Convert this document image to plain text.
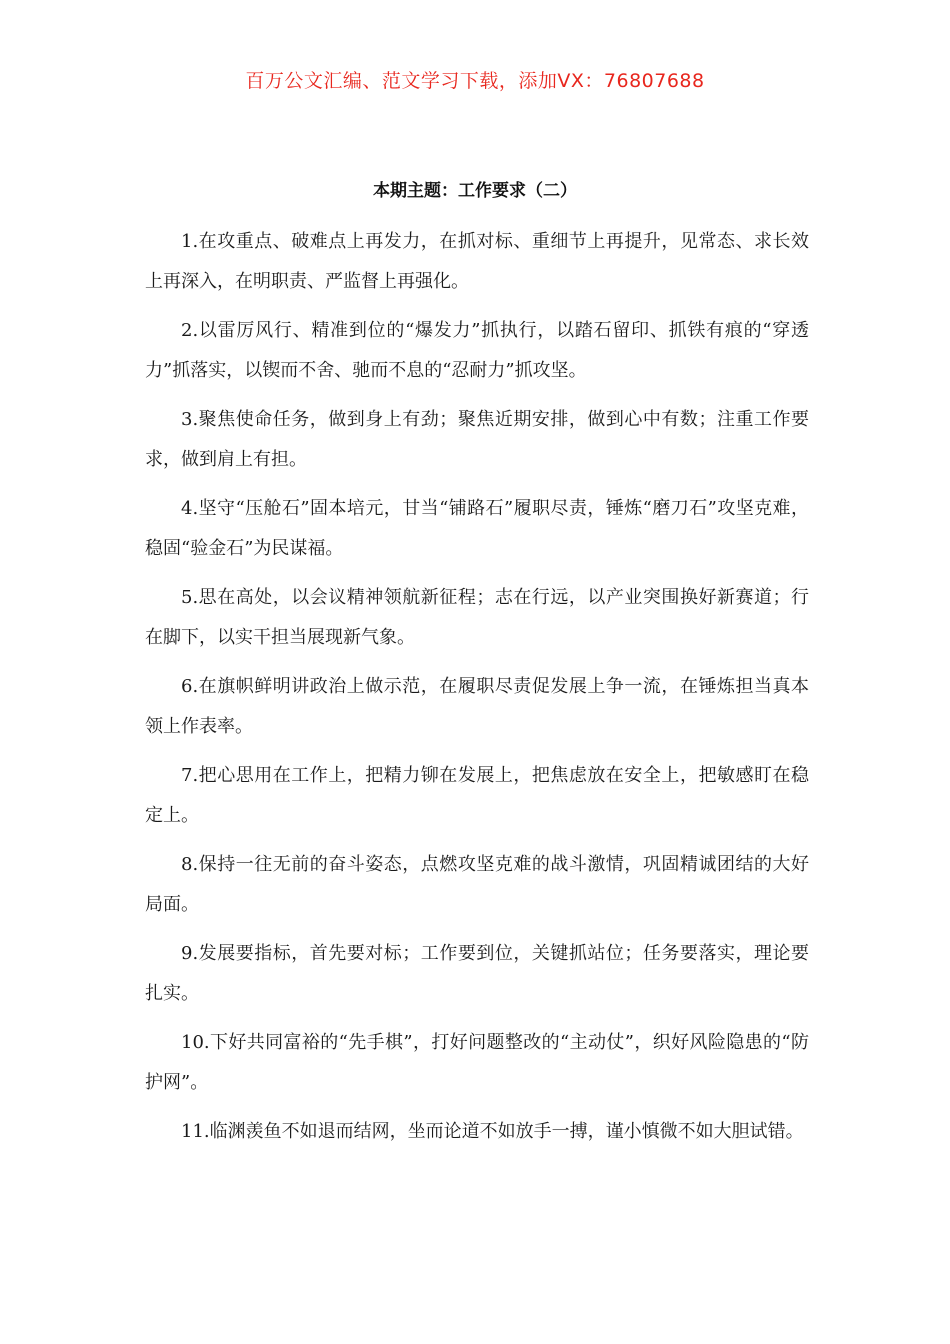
百万公文汇编、范文学习下载，添加VX：76807688
本期主题：工作要求（二）

1.在攻重点、破难点上再发力，在抓对标、重细节上再提升，见常态、求长效上再深入，在明职责、严监督上再强化。

2.以雷厉风行、精准到位的“爆发力”抓执行，以踏石留印、抓铁有痕的“穿透力”抓落实，以锲而不舍、驰而不息的“忍耐力”抓攻坚。

3.聚焦使命任务，做到身上有劲；聚焦近期安排，做到心中有数；注重工作要求，做到肩上有担。

4.坚守“压舱石”固本培元，甘当“铺路石”履职尽责，锤炼“磨刀石”攻坚克难，稳固“验金石”为民谋福。

5.思在高处，以会议精神领航新征程；志在行远，以产业突围换好新赛道；行在脚下，以实干担当展现新气象。

6.在旗帜鲜明讲政治上做示范，在履职尽责促发展上争一流，在锤炼担当真本领上作表率。

7.把心思用在工作上，把精力铆在发展上，把焦虑放在安全上，把敏感盯在稳定上。

8.保持一往无前的奋斗姿态，点燃攻坚克难的战斗激情，巩固精诚团结的大好局面。

9.发展要指标，首先要对标；工作要到位，关键抓站位；任务要落实，理论要扎实。

10.下好共同富裕的“先手棋”，打好问题整改的“主动仗”，织好风险隐患的“防护网”。

11.临渊羡鱼不如退而结网，坐而论道不如放手一搏，谨小慎微不如大胆试错。
